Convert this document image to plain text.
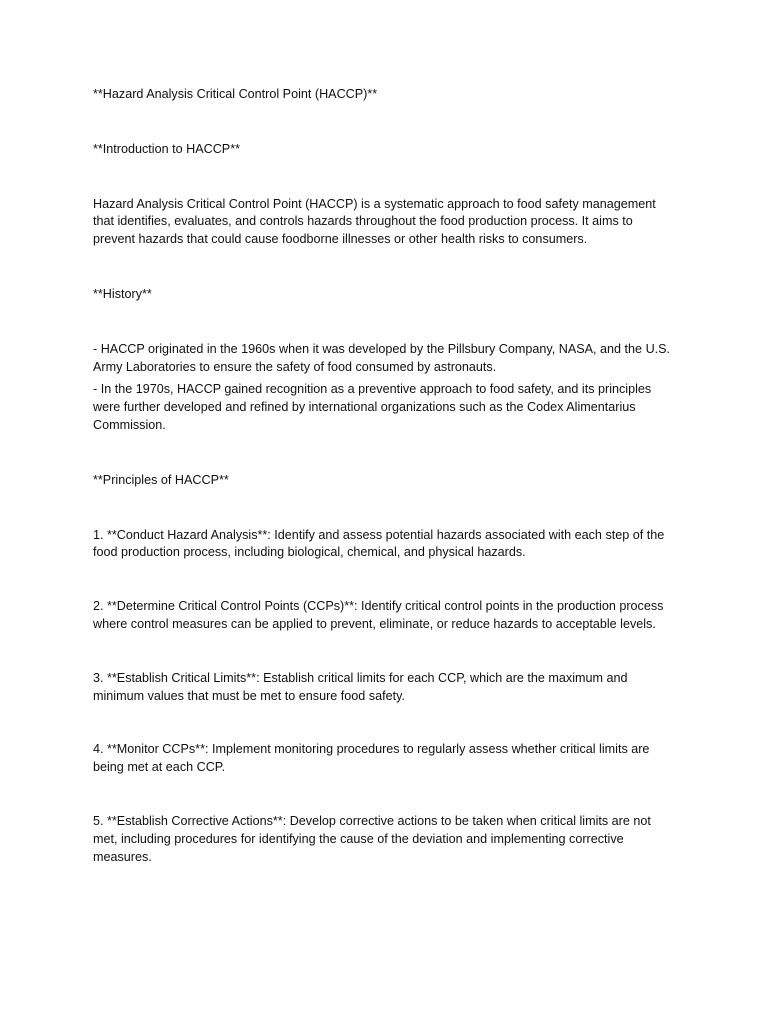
**Hazard Analysis Critical Control Point (HACCP)**

**Introduction to HACCP**

Hazard Analysis Critical Control Point (HACCP) is a systematic approach to food safety management that identifies, evaluates, and controls hazards throughout the food production process. It aims to prevent hazards that could cause foodborne illnesses or other health risks to consumers.

**History**

- HACCP originated in the 1960s when it was developed by the Pillsbury Company, NASA, and the U.S. Army Laboratories to ensure the safety of food consumed by astronauts.

- In the 1970s, HACCP gained recognition as a preventive approach to food safety, and its principles were further developed and refined by international organizations such as the Codex Alimentarius Commission.

**Principles of HACCP**

1. **Conduct Hazard Analysis**: Identify and assess potential hazards associated with each step of the food production process, including biological, chemical, and physical hazards.

2. **Determine Critical Control Points (CCPs)**: Identify critical control points in the production process where control measures can be applied to prevent, eliminate, or reduce hazards to acceptable levels.

3. **Establish Critical Limits**: Establish critical limits for each CCP, which are the maximum and minimum values that must be met to ensure food safety.

4. **Monitor CCPs**: Implement monitoring procedures to regularly assess whether critical limits are being met at each CCP.

5. **Establish Corrective Actions**: Develop corrective actions to be taken when critical limits are not met, including procedures for identifying the cause of the deviation and implementing corrective measures.
